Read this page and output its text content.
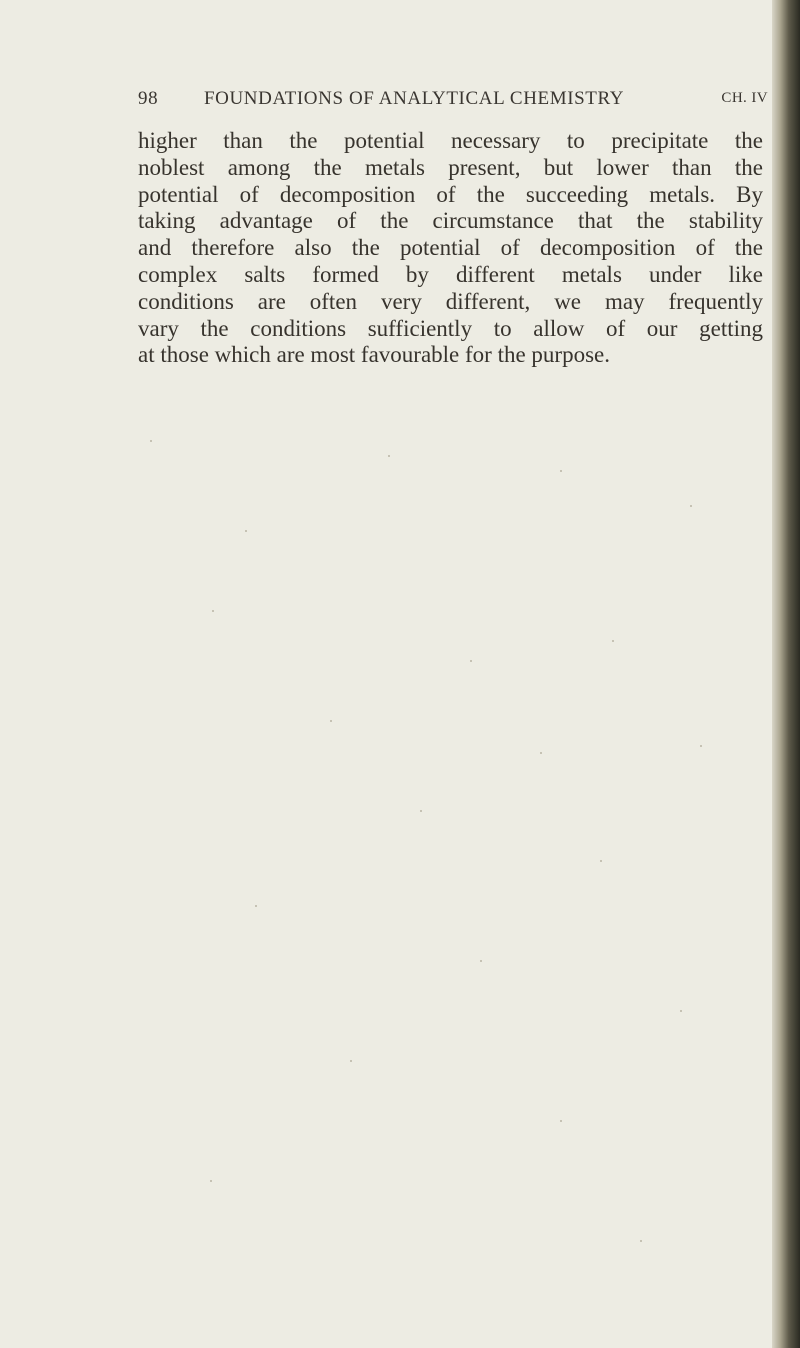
98 FOUNDATIONS OF ANALYTICAL CHEMISTRY	CH. IV
higher than the potential necessary to precipitate the
noblest among the metals present, but lower than the
potential of decomposition of the succeeding metals. By
taking advantage of the circumstance that the stability
and therefore also the potential of decomposition of the
complex salts formed by different metals under like
conditions are often very different, we may frequently
vary the conditions sufficiently to allow of our getting
at those which are most favourable for the purpose.
